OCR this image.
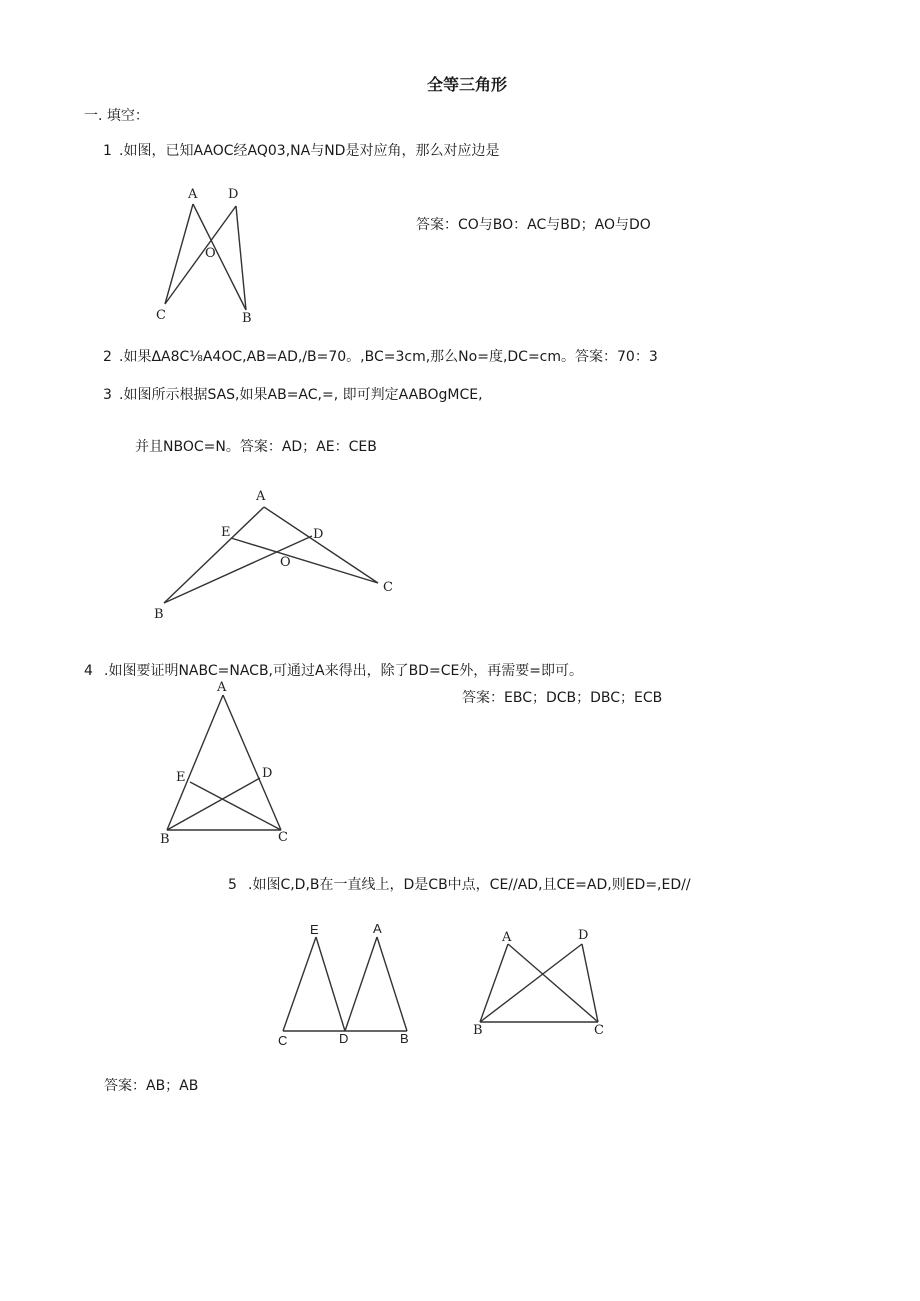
全等三角形
一. 填空：
1 .如图，已知AAOC经AQ03,NA与ND是对应角，那么对应边是
A D
O
C	B
答案：CO与BO：AC与BD；AO与DO
2 .如果ΔA8C⅛A4OC,AB=AD,∕B=70。,BC=3cm,那么No=度,DC=cm。答案：70：3
3 .如图所示根据SAS,如果AB=AC,=, 即可判定AABOgMCE,
并且NBOC=N。答案：AD；AE：CEB
A
E	D
O
C
B
4 .如图要证明NABC=NACB,可通过A来得出，除了BD=CE外，再需要=即可。
答案：EBC；DCB；DBC；ECB
A
E	D
B	C
5 .如图C,D,B在一直线上，D是CB中点，CE//AD,且CE=AD,则ED=,ED//
E	A
C	D	B
A	D
B	C
答案：AB；AB
